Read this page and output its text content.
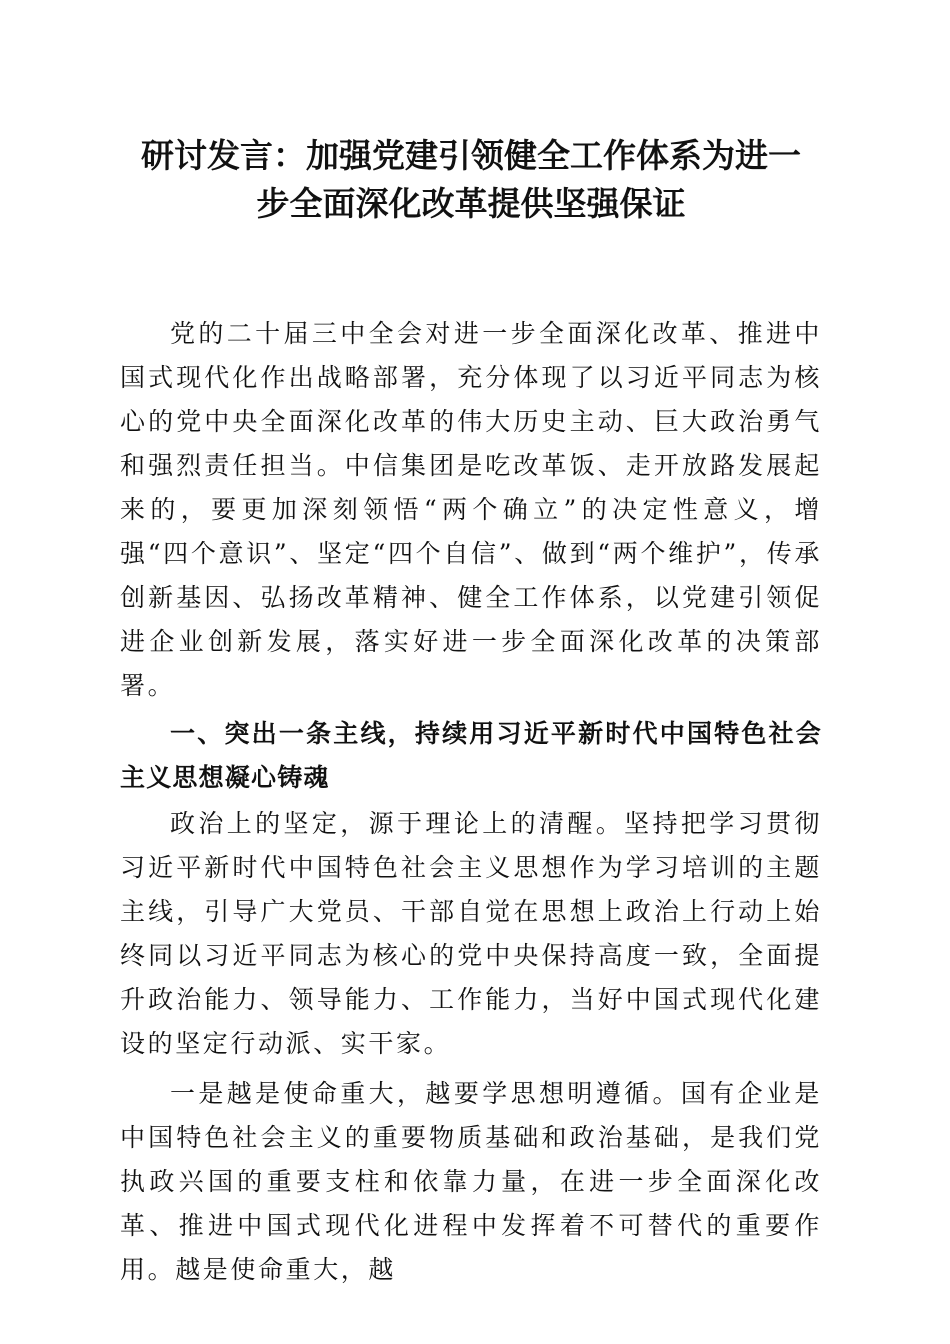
研讨发言：加强党建引领健全工作体系为进一
步全面深化改革提供坚强保证

党的二十届三中全会对进一步全面深化改革、推进中国式现代化作出战略部署，充分体现了以习近平同志为核心的党中央全面深化改革的伟大历史主动、巨大政治勇气和强烈责任担当。中信集团是吃改革饭、走开放路发展起来的，要更加深刻领悟“两个确立”的决定性意义，增强“四个意识”、坚定“四个自信”、做到“两个维护”，传承创新基因、弘扬改革精神、健全工作体系，以党建引领促进企业创新发展，落实好进一步全面深化改革的决策部署。

一、突出一条主线，持续用习近平新时代中国特色社会主义思想凝心铸魂

政治上的坚定，源于理论上的清醒。坚持把学习贯彻习近平新时代中国特色社会主义思想作为学习培训的主题主线，引导广大党员、干部自觉在思想上政治上行动上始终同以习近平同志为核心的党中央保持高度一致，全面提升政治能力、领导能力、工作能力，当好中国式现代化建设的坚定行动派、实干家。

一是越是使命重大，越要学思想明遵循。国有企业是中国特色社会主义的重要物质基础和政治基础，是我们党执政兴国的重要支柱和依靠力量，在进一步全面深化改革、推进中国式现代化进程中发挥着不可替代的重要作用。越是使命重大，越
